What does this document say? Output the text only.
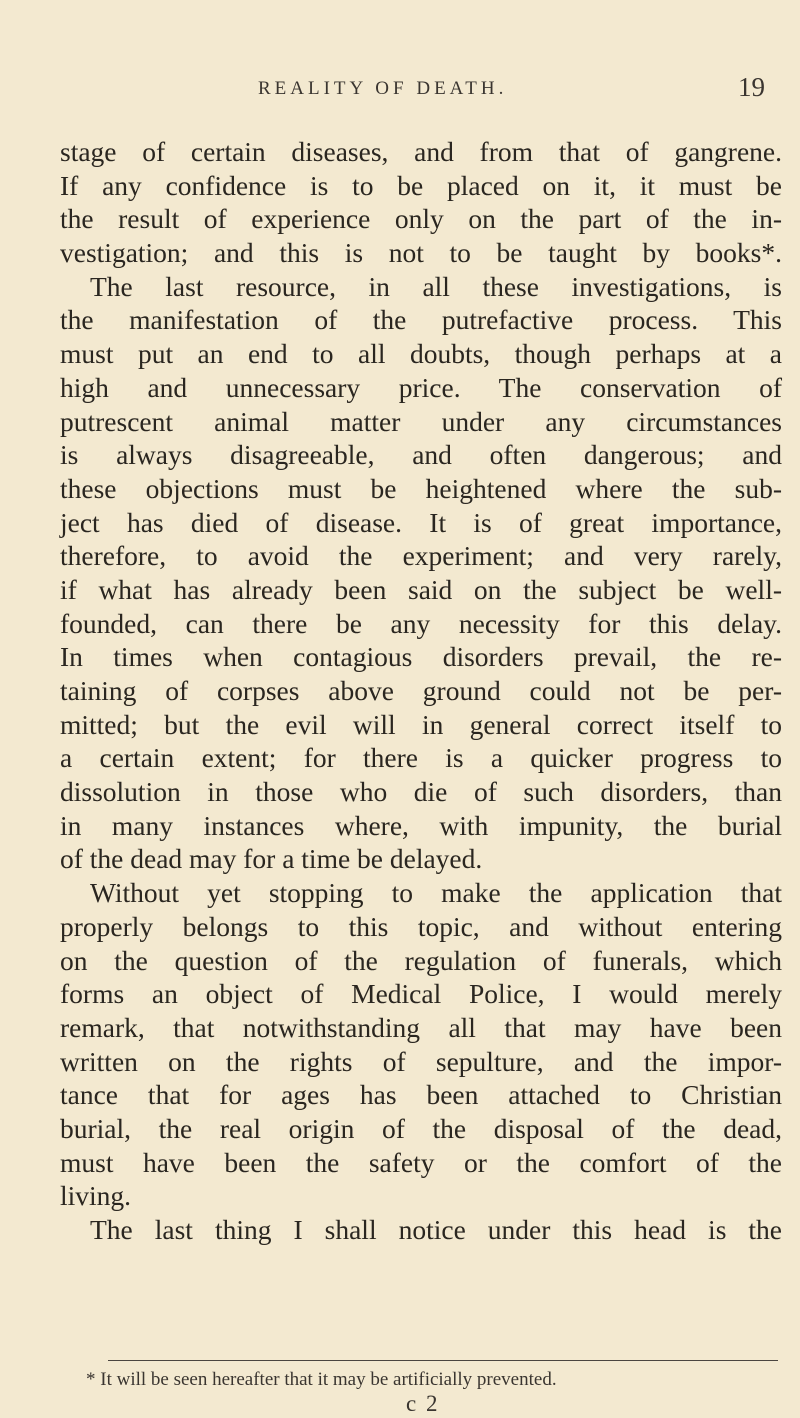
REALITY OF DEATH.	19
stage of certain diseases, and from that of gangrene.
If any confidence is to be placed on it, it must be
the result of experience only on the part of the in-
vestigation; and this is not to be taught by books*.
The last resource, in all these investigations, is
the manifestation of the putrefactive process. This
must put an end to all doubts, though perhaps at a
high and unnecessary price. The conservation of
putrescent animal matter under any circumstances
is always disagreeable, and often dangerous; and
these objections must be heightened where the sub-
ject has died of disease. It is of great importance,
therefore, to avoid the experiment; and very rarely,
if what has already been said on the subject be well-
founded, can there be any necessity for this delay.
In times when contagious disorders prevail, the re-
taining of corpses above ground could not be per-
mitted; but the evil will in general correct itself to
a certain extent; for there is a quicker progress to
dissolution in those who die of such disorders, than
in many instances where, with impunity, the burial
of the dead may for a time be delayed.
Without yet stopping to make the application that
properly belongs to this topic, and without entering
on the question of the regulation of funerals, which
forms an object of Medical Police, I would merely
remark, that notwithstanding all that may have been
written on the rights of sepulture, and the impor-
tance that for ages has been attached to Christian
burial, the real origin of the disposal of the dead,
must have been the safety or the comfort of the
living.
The last thing I shall notice under this head is the
* It will be seen hereafter that it may be artificially prevented.
c 2
